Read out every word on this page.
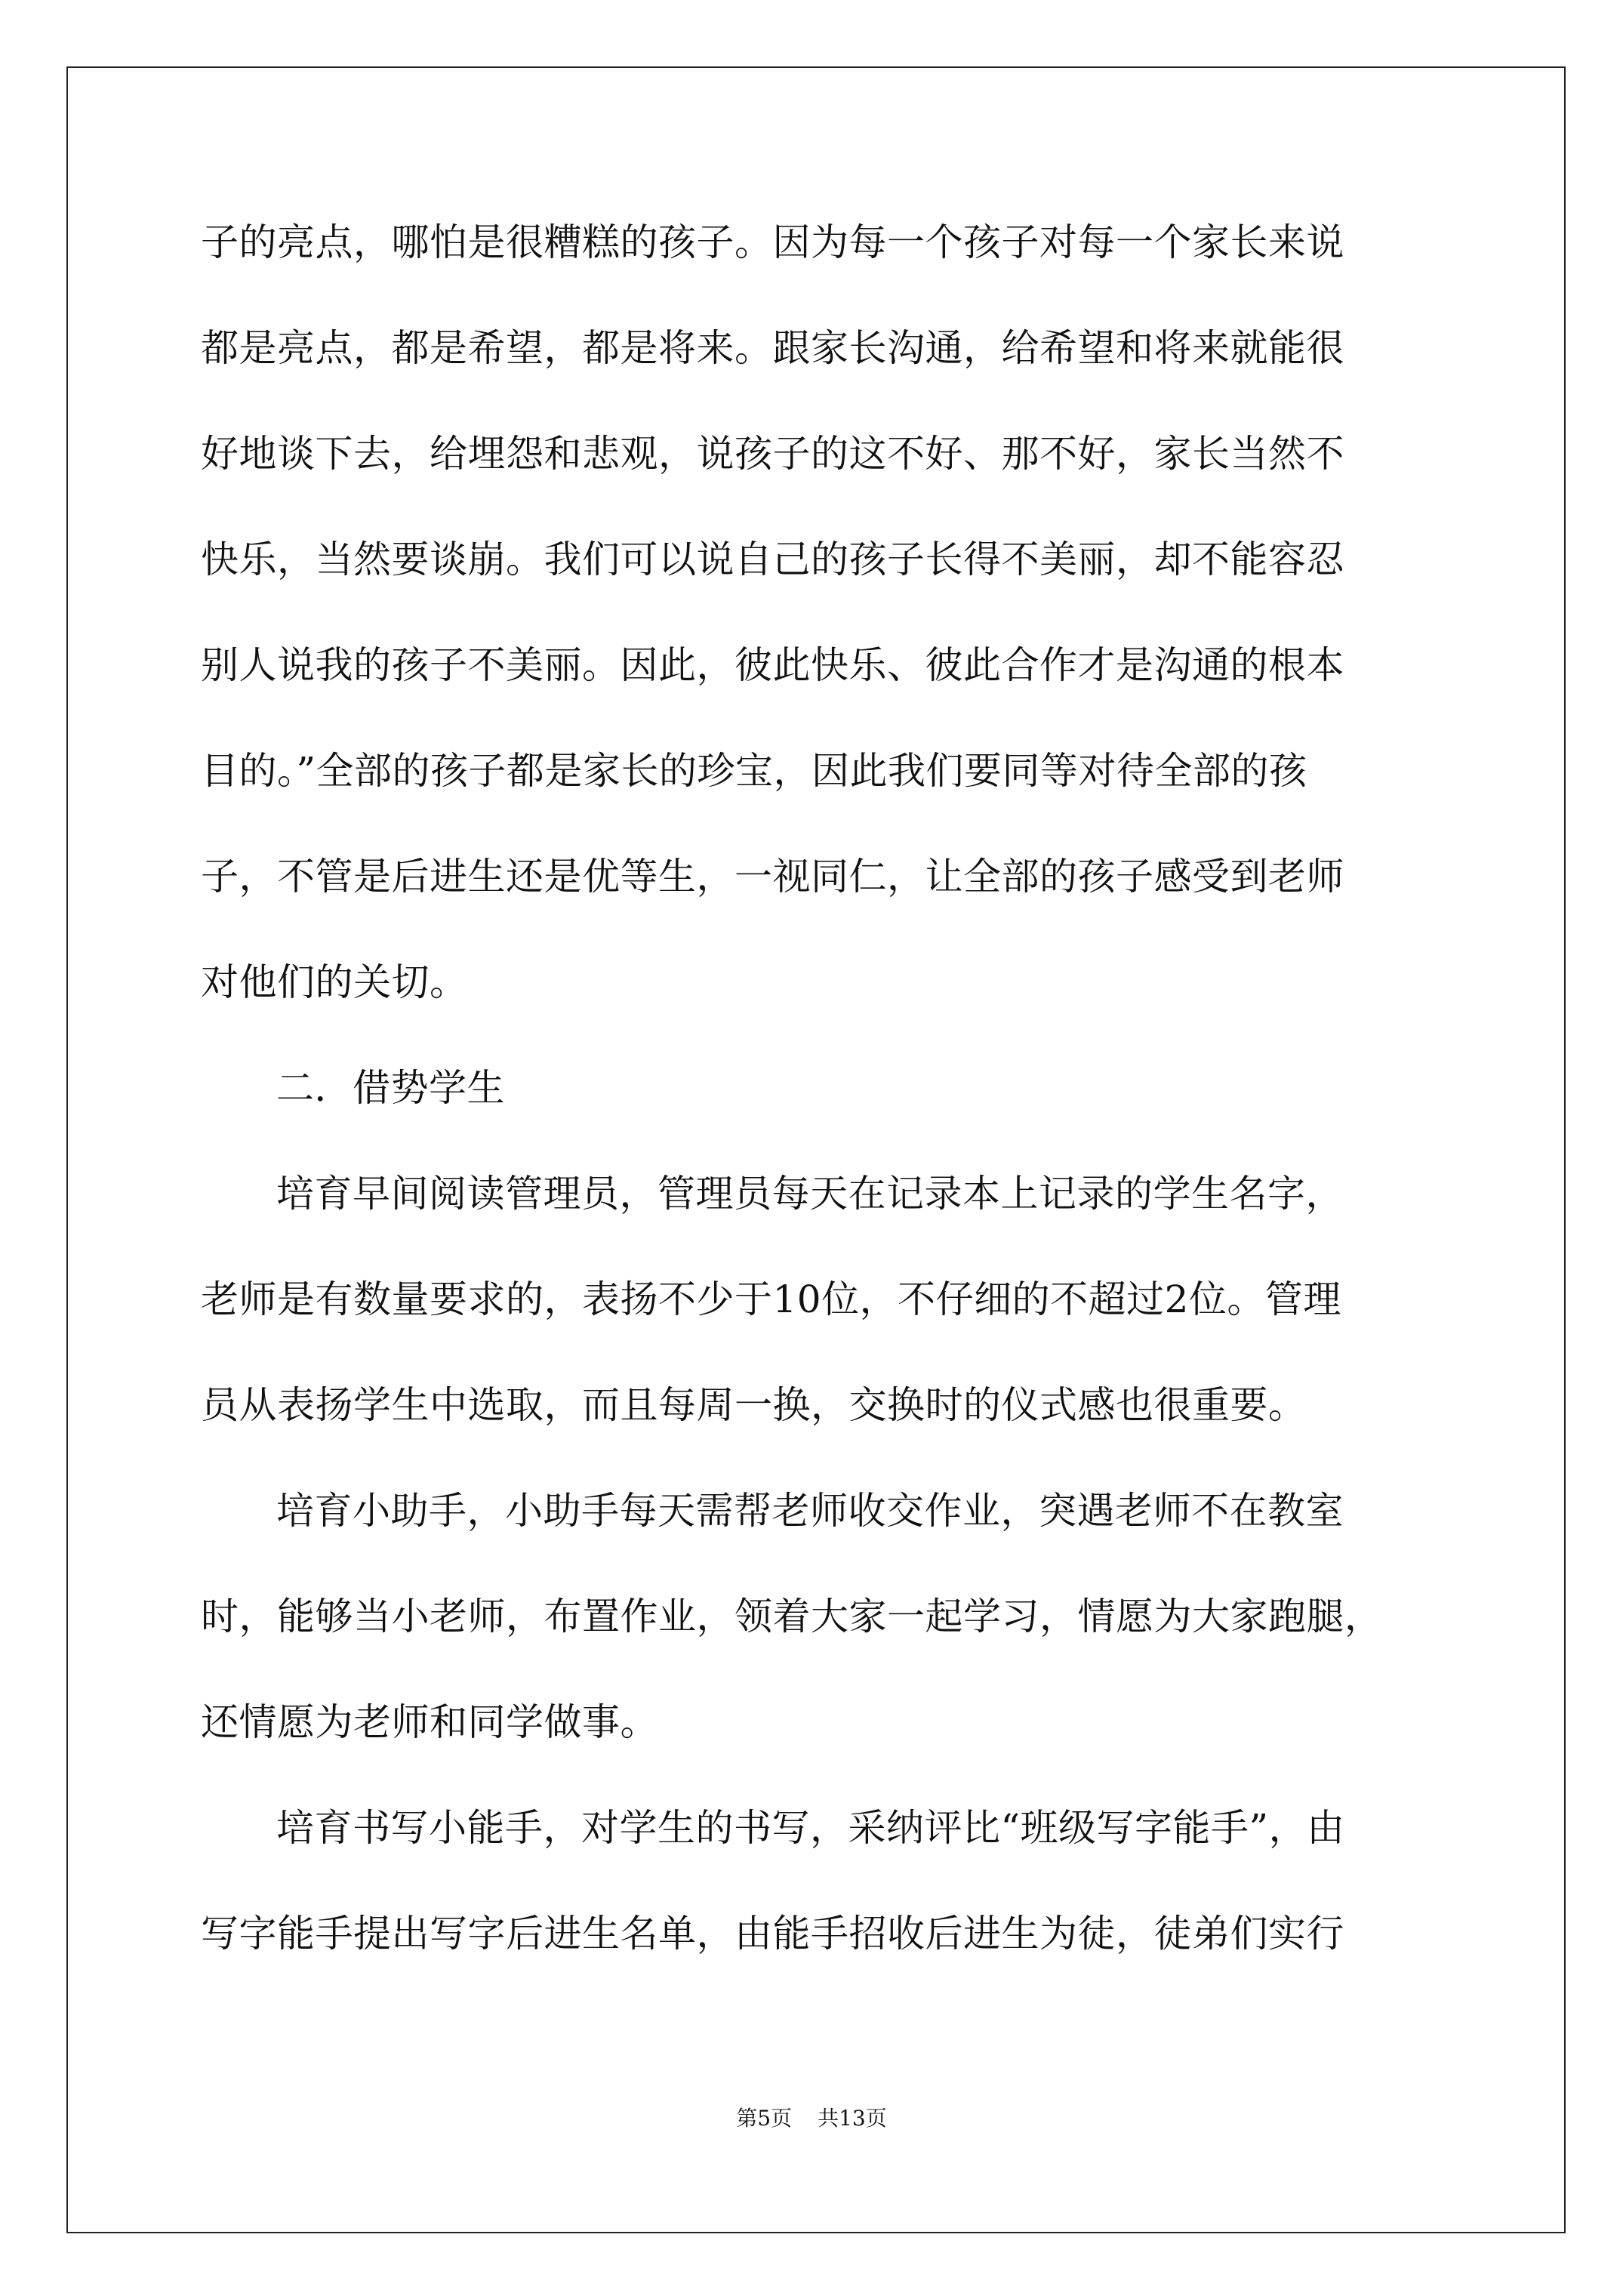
子的亮点，哪怕是很糟糕的孩子。因为每一个孩子对每一个家长来说
都是亮点，都是希望，都是将来。跟家长沟通，给希望和将来就能很
好地谈下去，给埋怨和悲观，说孩子的这不好、那不好，家长当然不
快乐，当然要谈崩。我们可以说自己的孩子长得不美丽，却不能容忍
别人说我的孩子不美丽。因此，彼此快乐、彼此合作才是沟通的根本
目的。”全部的孩子都是家长的珍宝，因此我们要同等对待全部的孩
子，不管是后进生还是优等生，一视同仁，让全部的孩子感受到老师
对他们的关切。
二．借势学生
培育早间阅读管理员，管理员每天在记录本上记录的学生名字，
老师是有数量要求的，表扬不少于10位，不仔细的不超过2位。管理
员从表扬学生中选取，而且每周一换，交换时的仪式感也很重要。
培育小助手，小助手每天需帮老师收交作业，突遇老师不在教室
时，能够当小老师，布置作业，领着大家一起学习，情愿为大家跑腿，
还情愿为老师和同学做事。
培育书写小能手，对学生的书写，采纳评比“班级写字能手”，由
写字能手提出写字后进生名单，由能手招收后进生为徒，徒弟们实行
第5页 共13页
